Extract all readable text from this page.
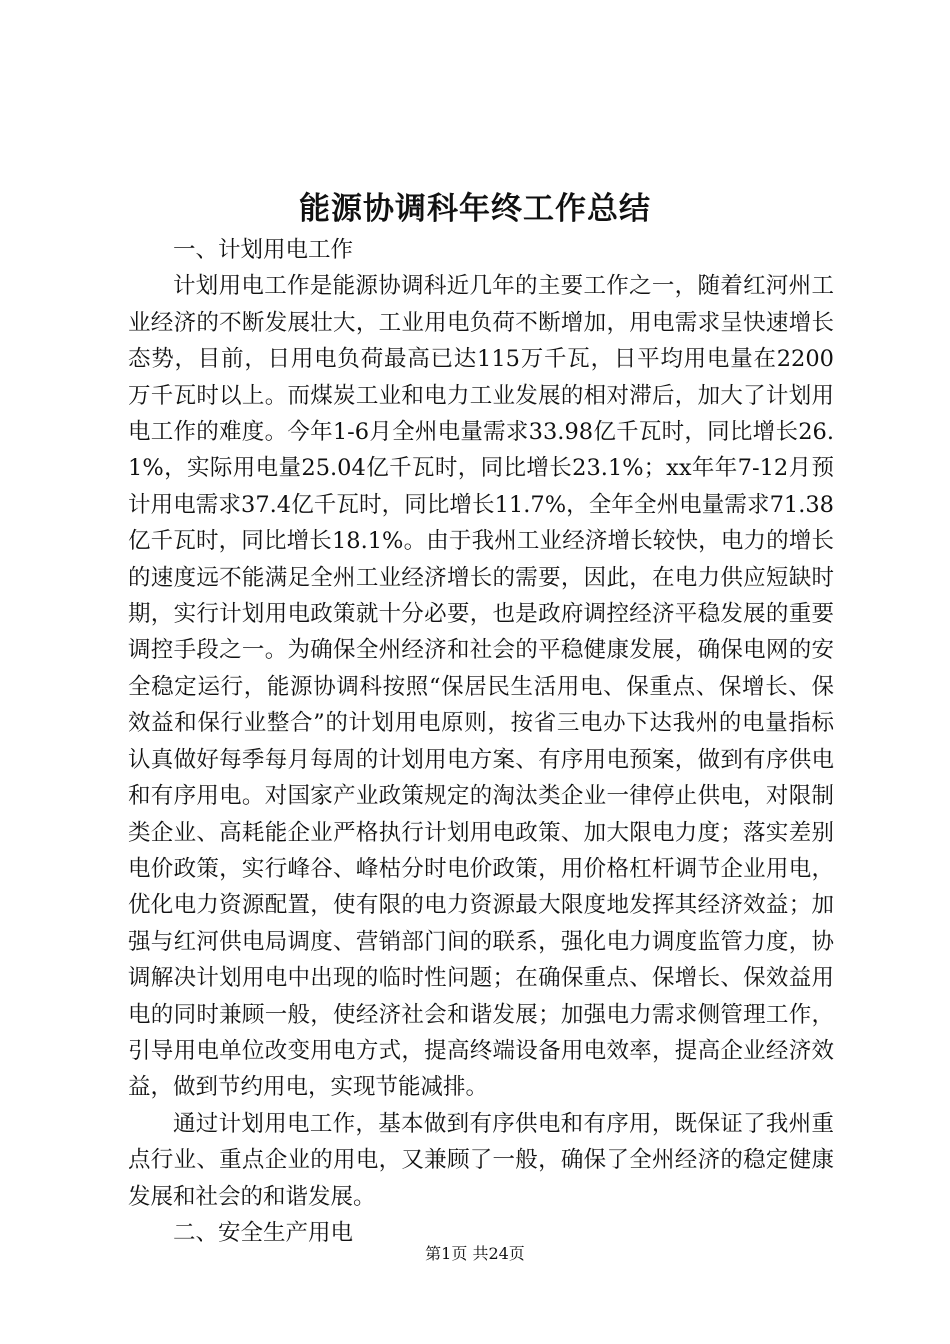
能源协调科年终工作总结

一、计划用电工作

计划用电工作是能源协调科近几年的主要工作之一，随着红河州工业经济的不断发展壮大，工业用电负荷不断增加，用电需求呈快速增长态势，目前，日用电负荷最高已达115万千瓦，日平均用电量在2200万千瓦时以上。而煤炭工业和电力工业发展的相对滞后，加大了计划用电工作的难度。今年1-6月全州电量需求33.98亿千瓦时，同比增长26.1%，实际用电量25.04亿千瓦时，同比增长23.1%；xx年年7-12月预计用电需求37.4亿千瓦时，同比增长11.7%，全年全州电量需求71.38亿千瓦时，同比增长18.1%。由于我州工业经济增长较快，电力的增长的速度远不能满足全州工业经济增长的需要，因此，在电力供应短缺时期，实行计划用电政策就十分必要，也是政府调控经济平稳发展的重要调控手段之一。为确保全州经济和社会的平稳健康发展，确保电网的安全稳定运行，能源协调科按照“保居民生活用电、保重点、保增长、保效益和保行业整合”的计划用电原则，按省三电办下达我州的电量指标认真做好每季每月每周的计划用电方案、有序用电预案，做到有序供电和有序用电。对国家产业政策规定的淘汰类企业一律停止供电，对限制类企业、高耗能企业严格执行计划用电政策、加大限电力度；落实差别电价政策，实行峰谷、峰枯分时电价政策，用价格杠杆调节企业用电，优化电力资源配置，使有限的电力资源最大限度地发挥其经济效益；加强与红河供电局调度、营销部门间的联系，强化电力调度监管力度，协调解决计划用电中出现的临时性问题；在确保重点、保增长、保效益用电的同时兼顾一般，使经济社会和谐发展；加强电力需求侧管理工作，引导用电单位改变用电方式，提高终端设备用电效率，提高企业经济效益，做到节约用电，实现节能减排。

通过计划用电工作，基本做到有序供电和有序用，既保证了我州重点行业、重点企业的用电，又兼顾了一般，确保了全州经济的稳定健康发展和社会的和谐发展。

二、安全生产用电

第1页 共24页
